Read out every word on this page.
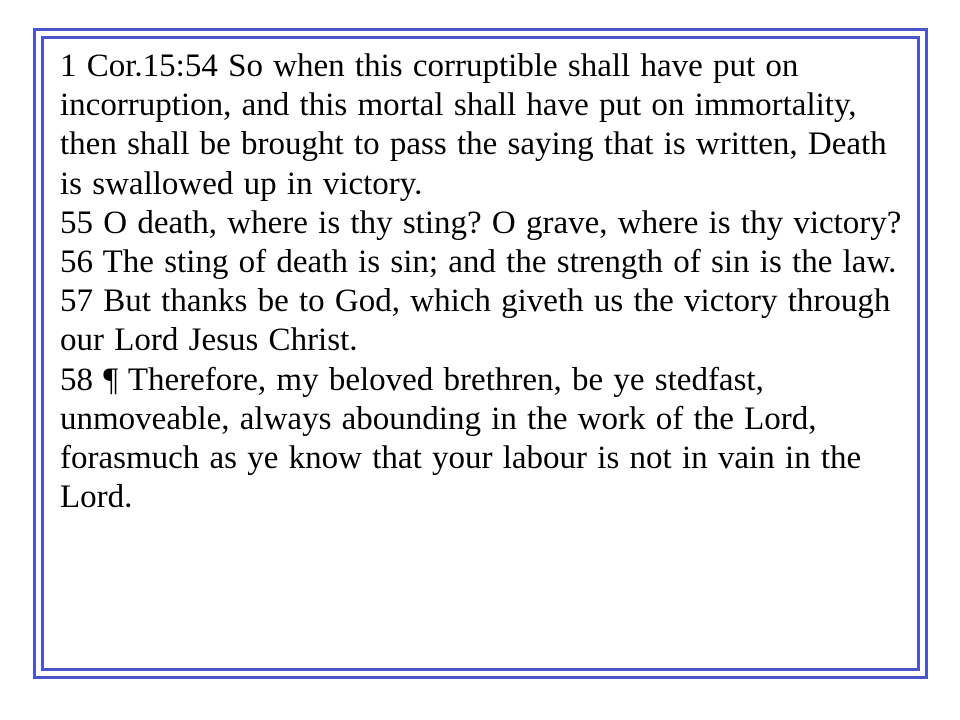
1 Cor.15:54 So when this corruptible shall have put on incorruption, and this mortal shall have put on immortality, then shall be brought to pass the saying that is written, Death is swallowed up in victory.
55 O death, where is thy sting? O grave, where is thy victory?
56 The sting of death is sin; and the strength of sin is the law.
57 But thanks be to God, which giveth us the victory through our Lord Jesus Christ.
58 ¶ Therefore, my beloved brethren, be ye stedfast, unmoveable, always abounding in the work of the Lord, forasmuch as ye know that your labour is not in vain in the Lord.
